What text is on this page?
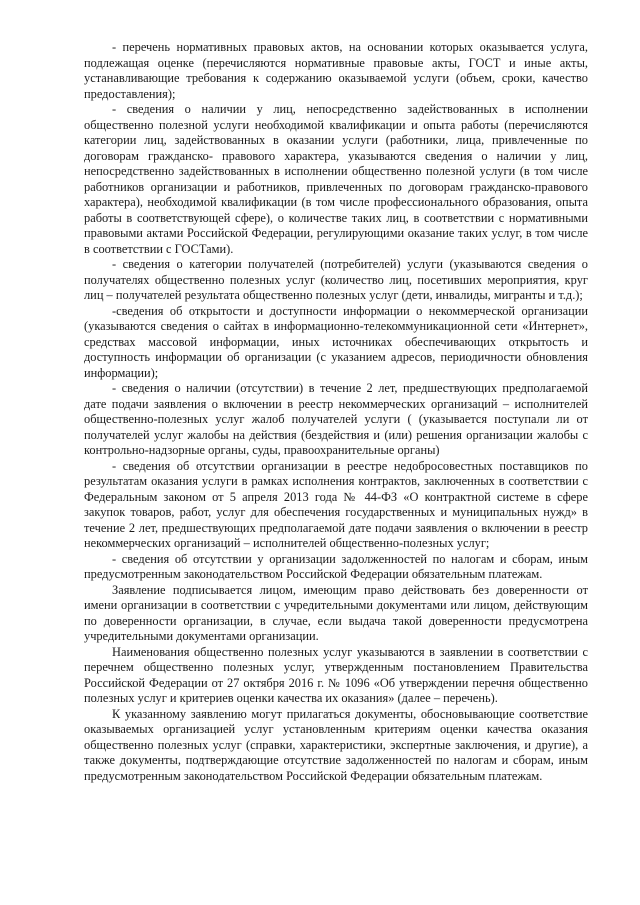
- перечень нормативных правовых актов, на основании которых оказывается услуга, подлежащая оценке (перечисляются нормативные правовые акты, ГОСТ и иные акты, устанавливающие требования к содержанию оказываемой услуги (объем, сроки, качество предоставления);

- сведения о наличии у лиц, непосредственно задействованных в исполнении общественно полезной услуги необходимой квалификации и опыта работы (перечисляются категории лиц, задействованных в оказании услуги (работники, лица, привлеченные по договорам гражданско- правового характера, указываются сведения о наличии у лиц, непосредственно задействованных в исполнении общественно полезной услуги (в том числе работников организации и работников, привлеченных по договорам гражданско-правового характера), необходимой квалификации (в том числе профессионального образования, опыта работы в соответствующей сфере), о количестве таких лиц, в соответствии с нормативными правовыми актами Российской Федерации, регулирующими оказание таких услуг, в том числе в соответствии с ГОСТами).

- сведения о категории получателей (потребителей) услуги (указываются сведения о получателях общественно полезных услуг (количество лиц, посетивших мероприятия, круг лиц – получателей результата общественно полезных услуг (дети, инвалиды, мигранты и т.д.);

-сведения об открытости и доступности информации о некоммерческой организации (указываются сведения о сайтах в информационно-телекоммуникационной сети «Интернет», средствах массовой информации, иных источниках обеспечивающих открытость и доступность информации об организации (с указанием адресов, периодичности обновления информации);

- сведения о наличии (отсутствии) в течение 2 лет, предшествующих предполагаемой дате подачи заявления о включении в реестр некоммерческих организаций – исполнителей общественно-полезных услуг жалоб получателей услуги ( (указывается поступали ли от получателей услуг жалобы на действия (бездействия и (или) решения организации жалобы с контрольно-надзорные органы, суды, правоохранительные органы)

- сведения об отсутствии организации в реестре недобросовестных поставщиков по результатам оказания услуги в рамках исполнения контрактов, заключенных в соответствии с Федеральным законом от 5 апреля 2013 года № 44-ФЗ «О контрактной системе в сфере закупок товаров, работ, услуг для обеспечения государственных и муниципальных нужд» в течение 2 лет, предшествующих предполагаемой дате подачи заявления о включении в реестр некоммерческих организаций – исполнителей общественно-полезных услуг;

- сведения об отсутствии у организации задолженностей по налогам и сборам, иным предусмотренным законодательством Российской Федерации обязательным платежам.

Заявление подписывается лицом, имеющим право действовать без доверенности от имени организации в соответствии с учредительными документами или лицом, действующим по доверенности организации, в случае, если выдача такой доверенности предусмотрена учредительными документами организации.

Наименования общественно полезных услуг указываются в заявлении в соответствии с перечнем общественно полезных услуг, утвержденным постановлением Правительства Российской Федерации от 27 октября 2016 г. № 1096 «Об утверждении перечня общественно полезных услуг и критериев оценки качества их оказания» (далее – перечень).

К указанному заявлению могут прилагаться документы, обосновывающие соответствие оказываемых организацией услуг установленным критериям оценки качества оказания общественно полезных услуг (справки, характеристики, экспертные заключения, и другие), а также документы, подтверждающие отсутствие задолженностей по налогам и сборам, иным предусмотренным законодательством Российской Федерации обязательным платежам.
